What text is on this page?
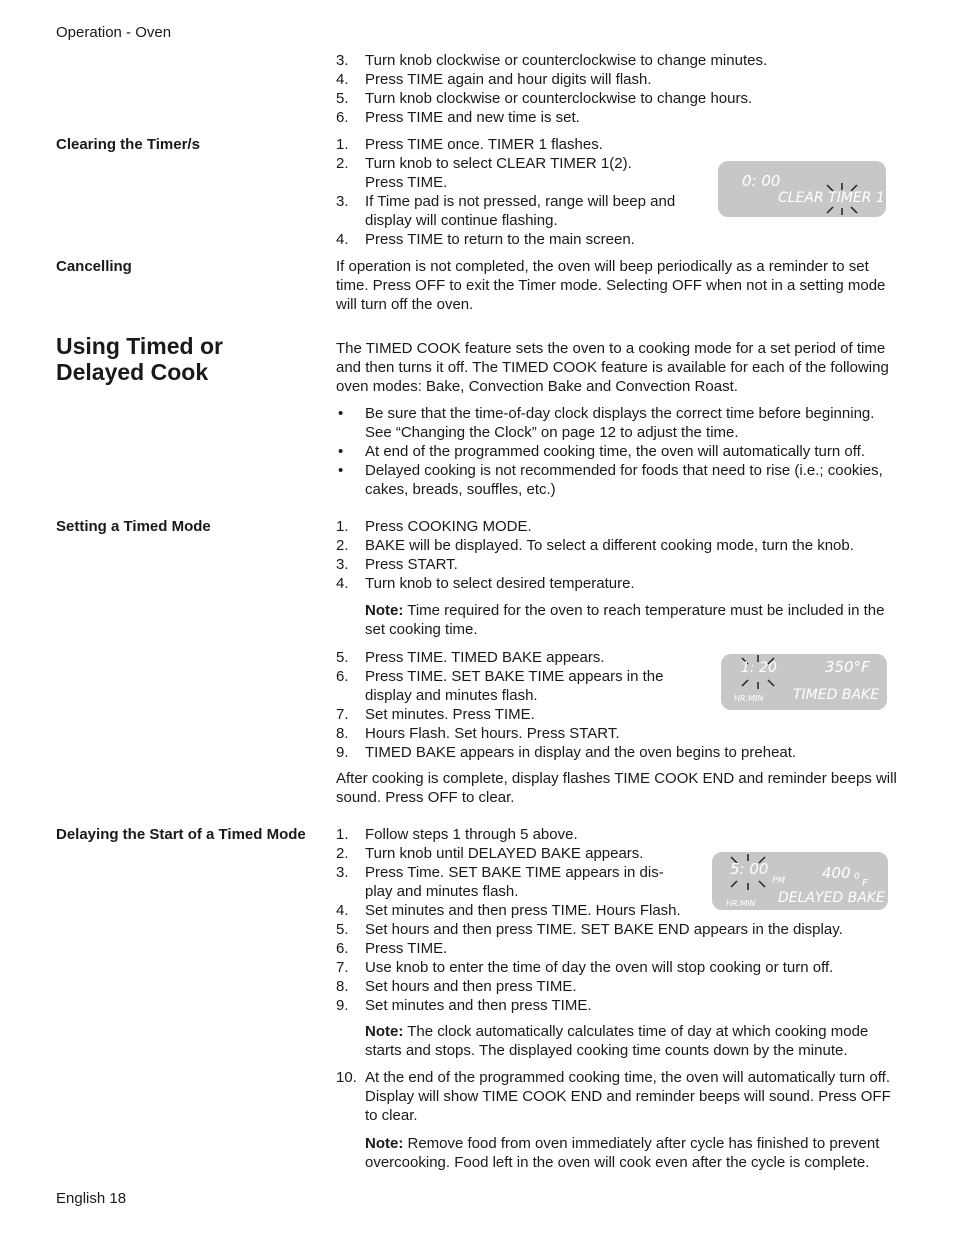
Operation - Oven
3. Turn knob clockwise or counterclockwise to change minutes.
4. Press TIME again and hour digits will flash.
5. Turn knob clockwise or counterclockwise to change hours.
6. Press TIME and new time is set.
Clearing the Timer/s	1. Press TIME once. TIMER 1 flashes.
2. Turn knob to select CLEAR TIMER 1(2). Press TIME.
3. If Time pad is not pressed, range will beep and display will continue flashing.
4. Press TIME to return to the main screen.
0: 00
CLEAR TIMER 1
Cancelling	If operation is not completed, the oven will beep periodically as a reminder to set time. Press OFF to exit the Timer mode. Selecting OFF when not in a setting mode will turn off the oven.

Using Timed or Delayed Cook

The TIMED COOK feature sets the oven to a cooking mode for a set period of time and then turns it off. The TIMED COOK feature is available for each of the following oven modes: Bake, Convection Bake and Convection Roast.

• Be sure that the time-of-day clock displays the correct time before beginning. See “Changing the Clock” on page 12 to adjust the time.
• At end of the programmed cooking time, the oven will automatically turn off.
• Delayed cooking is not recommended for foods that need to rise (i.e.; cookies, cakes, breads, souffles, etc.)
Setting a Timed Mode	1. Press COOKING MODE.
2. BAKE will be displayed. To select a different cooking mode, turn the knob.
3. Press START.
4. Turn knob to select desired temperature.

Note: Time required for the oven to reach temperature must be included in the set cooking time.

5. Press TIME. TIMED BAKE appears.
6. Press TIME. SET BAKE TIME appears in the display and minutes flash.
7. Set minutes. Press TIME.
8. Hours Flash. Set hours. Press START.
9. TIMED BAKE appears in display and the oven begins to preheat.
1: 20	350°F
HR:MIN TIMED BAKE

After cooking is complete, display flashes TIME COOK END and reminder beeps will sound. Press OFF to clear.

Delaying the Start of a Timed Mode 1. Follow steps 1 through 5 above.
2. Turn knob until DELAYED BAKE appears.
3. Press Time. SET BAKE TIME appears in dis-play and minutes flash.
4. Set minutes and then press TIME. Hours Flash.
5. Set hours and then press TIME. SET BAKE END appears in the display.
6. Press TIME.
7. Use knob to enter the time of day the oven will stop cooking or turn off.
8. Set hours and then press TIME.
9. Set minutes and then press TIME.
5: 00
PM 400 0
F
HR:MIN DELAYED BAKE

Note: The clock automatically calculates time of day at which cooking mode starts and stops. The displayed cooking time counts down by the minute.

10. At the end of the programmed cooking time, the oven will automatically turn off. Display will show TIME COOK END and reminder beeps will sound. Press OFF to clear.

Note: Remove food from oven immediately after cycle has finished to prevent overcooking. Food left in the oven will cook even after the cycle is complete.

English 18
